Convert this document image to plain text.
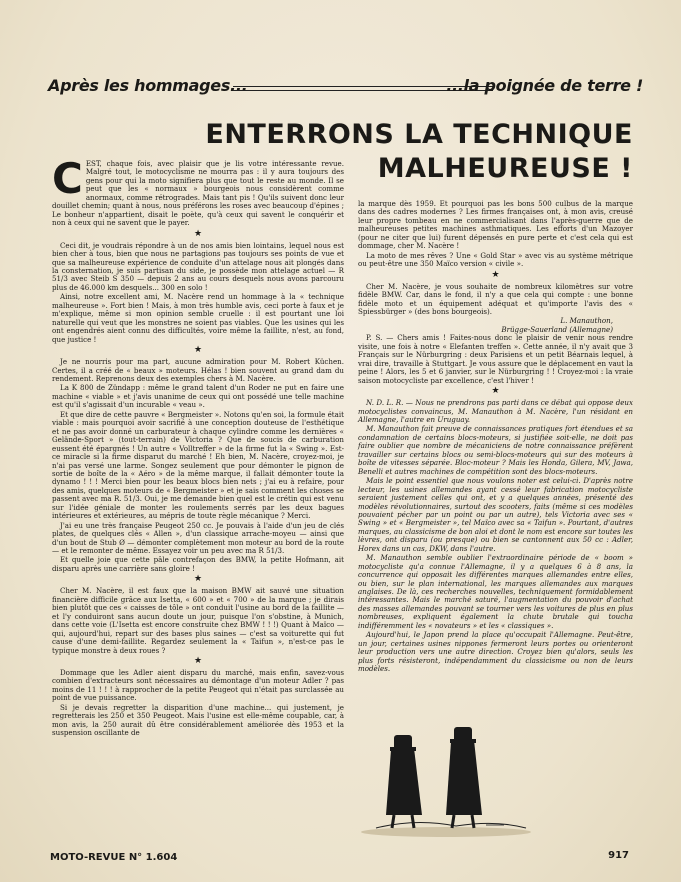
Après les hommages...	...la poignée de terre !
ENTERRONS LA TECHNIQUE
MALHEUREUSE !

CEST, chaque fois, avec plaisir que je lis votre intéressante revue. Malgré tout, le motocyclisme ne mourra pas : il y aura toujours des gens pour qui la moto signifiera plus que tout le reste au monde. Il se peut que les « normaux » bourgeois nous considèrent comme anormaux, comme rétrogrades. Mais tant pis ! Qu'ils suivent donc leur douillet chemin; quant à nous, nous préférons les roses avec beaucoup d'épines ; Le bonheur n'appartient, disait le poète, qu'à ceux qui savent le conquérir et non à ceux qui ne savent que le payer.

★

Ceci dit, je voudrais répondre à un de nos amis bien lointains, lequel nous est bien cher à tous, bien que nous ne partagions pas toujours ses points de vue et que sa malheureuse expérience de conduite d'un attelage nous ait plongés dans la consternation, je suis partisan du side, je possède mon attelage actuel — R 51/3 avec Steib S 350 — depuis 2 ans au cours desquels nous avons parcouru plus de 46.000 km desquels... 300 en solo !

Ainsi, notre excellent ami, M. Nacère rend un hommage à la « technique malheureuse ». Fort bien ! Mais, à mon très humble avis, ceci porte à faux et je m'explique, même si mon opinion semble cruelle : il est pourtant une loi naturelle qui veut que les monstres ne soient pas viables. Que les usines qui les ont engendrés aient connu des difficultés, voire même la faillite, n'est, au fond, que justice !

★

Je ne nourris pour ma part, aucune admiration pour M. Robert Küchen. Certes, il a créé de « beaux » moteurs. Hélas ! bien souvent au grand dam du rendement. Reprenons deux des exemples chers à M. Nacère.

La K 800 de Zündapp : même le grand talent d'un Roder ne put en faire une machine « viable » et j'avis unanime de ceux qui ont possédé une telle machine est qu'il s'agissait d'un incurable « veau ».

Et que dire de cette pauvre « Bergmeister ». Notons qu'en soi, la formule était viable : mais pourquoi avoir sacrifié à une conception douteuse de l'esthétique et ne pas avoir donné un carburateur à chaque cylindre comme les dernières « Gelände-Sport » (tout-terrain) de Victoria ? Que de soucis de carburation eussent été épargnés ! Un autre « Volltreffer » de la firme fut la « Swing ». Est-ce miracle si la firme disparut du marché ! Eh bien, M. Nacère, croyez-moi, je n'ai pas versé une larme. Songez seulement que pour démonter le pignon de sortie de boîte de la « Aéro » de la même marque, il fallait démonter toute la dynamo ! ! ! Merci bien pour les beaux blocs bien nets ; j'ai eu à refaire, pour des amis, quelques moteurs de « Bergmeister » et je sais comment les choses se passent avec ma R. 51/3. Oui, je me demande bien quel est le crétin qui est venu sur l'idée géniale de monter les roulements serrés par les deux bagues intérieures et extérieures, au mépris de toute règle mécanique ? Merci.

J'ai eu une très française Peugeot 250 cc. Je pouvais à l'aide d'un jeu de clés plates, de quelques clés « Allen », d'un classique arrache-moyeu — ainsi que d'un bout de Stub Ø — démonter complètement mon moteur au bord de la route — et le remonter de même. Essayez voir un peu avec ma R 51/3.

Et quelle joie que cette pâle contrefaçon des BMW, la petite Hofmann, ait disparu après une carrière sans gloire !

★

Cher M. Nacère, il est faux que la maison BMW ait sauvé une situation financière difficile grâce aux Isetta, « 600 » et « 700 » de la marque ; je dirais bien plutôt que ces « caisses de tôle » ont conduit l'usine au bord de la faillite — et l'y conduiront sans aucun doute un jour, puisque l'on s'obstine, à Munich, dans cette voie (L'Isetta est encore construite chez BMW ! ! !) Quant à Maïco — qui, aujourd'hui, repart sur des bases plus saines — c'est sa voiturette qui fut cause d'une demi-faillite. Regardez seulement la « Taifun », n'est-ce pas le typique monstre à deux roues ?

★

Dommage que les Adler aient disparu du marché, mais enfin, savez-vous combien d'extracteurs sont nécessaires au démontage d'un moteur Adler ? pas moins de 11 ! ! ! à rapprocher de la petite Peugeot qui n'était pas surclassée au point de vue puissance.

Si je devais regretter la disparition d'une machine... qui justement, je regretterais les 250 et 350 Peugeot. Mais l'usine est elle-même coupable, car, à mon avis, la 250 aurait dû être considérablement améliorée dès 1953 et la suspension oscillante de

la marque dès 1959. Et pourquoi pas les bons 500 culbus de la marque dans des cadres modernes ? Les firmes françaises ont, à mon avis, creusé leur propre tombeau en ne commercialisant dans l'après-guerre que de malheureuses petites machines asthmatiques. Les efforts d'un Mazoyer (pour ne citer que lui) furent dépensés en pure perte et c'est cela qui est dommage, cher M. Nacère !

La moto de mes rêves ? Une « Gold Star » avec vis au système métrique ou peut-être une 350 Maïco version « civile ».

★

Cher M. Nacère, je vous souhaite de nombreux kilomètres sur votre fidèle BMW. Car, dans le fond, il n'y a que cela qui compte : une bonne fidèle moto et un équipement adéquat et qu'importe l'avis des « Spiessbürger » (des bons bourgeois).

L. Manauthon,
Brügge-Sauerland (Allemagne)

P. S. — Chers amis ! Faites-nous donc le plaisir de venir nous rendre visite, une fois à notre « Elefanten treffen ». Cette année, il n'y avait que 3 Français sur le Nürburgring : deux Parisiens et un petit Béarnais lequel, à vrai dire, travaille à Stuttgart. Je vous assure que le déplacement en vaut la peine ! Alors, les 5 et 6 janvier, sur le Nürburgring ! ! Croyez-moi : la vraie saison motocycliste par excellence, c'est l'hiver !

★

N. D. L. R. — Nous ne prendrons pas parti dans ce débat qui oppose deux motocyclistes convaincus, M. Manauthon à M. Nacère, l'un résidant en Allemagne, l'autre en Uruguay.

M. Manauthon fait preuve de connaissances pratiques fort étendues et sa condamnation de certains blocs-moteurs, si justifiée soit-elle, ne doit pas faire oublier que nombre de mécaniciens de notre connaissance préfèrent travailler sur certains blocs ou semi-blocs-moteurs qui sur des moteurs à boîte de vitesses séparée. Bloc-moteur ? Mais les Honda, Gilera, MV, Jawa, Benelli et autres machines de compétition sont des blocs-moteurs.

Mais le point essentiel que nous voulons noter est celui-ci. D'après notre lecteur, les usines allemandes ayant cessé leur fabrication motocycliste seraient justement celles qui ont, et y a quelques années, présenté des modèles révolutionnaires, surtout des scooters, faits (même si ces modèles pouvaient pécher par un point ou par un autre), tels Victoria avec ses « Swing » et « Bergmeister », tel Maïco avec sa « Taifun ». Pourtant, d'autres marques, au classicisme de bon aloi et dont le nom est encore sur toutes les lèvres, ont disparu (ou presque) ou bien se cantonnent aux 50 cc : Adler, Horex dans un cas, DKW, dans l'autre.

M. Manauthon semble oublier l'extraordinaire période de « boom » motocycliste qu'a connue l'Allemagne, il y a quelques 6 à 8 ans, la concurrence qui opposait les différentes marques allemandes entre elles, ou bien, sur le plan international, les marques allemandes aux marques anglaises. De là, ces recherches nouvelles, techniquement formidablement intéressantes. Mais le marché saturé, l'augmentation du pouvoir d'achat des masses allemandes pouvant se tourner vers les voitures de plus en plus nombreuses, expliquent également la chute brutale qui toucha indifféremment les « novateurs » et les « classiques ».

Aujourd'hui, le Japon prend la place qu'occupait l'Allemagne. Peut-être, un jour, certaines usines nippones fermeront leurs portes ou orienteront leur production vers une autre direction. Croyez bien qu'alors, seuls les plus forts résisteront, indépendamment du classicisme ou non de leurs modèles.

MOTO-REVUE N° 1.604	917
